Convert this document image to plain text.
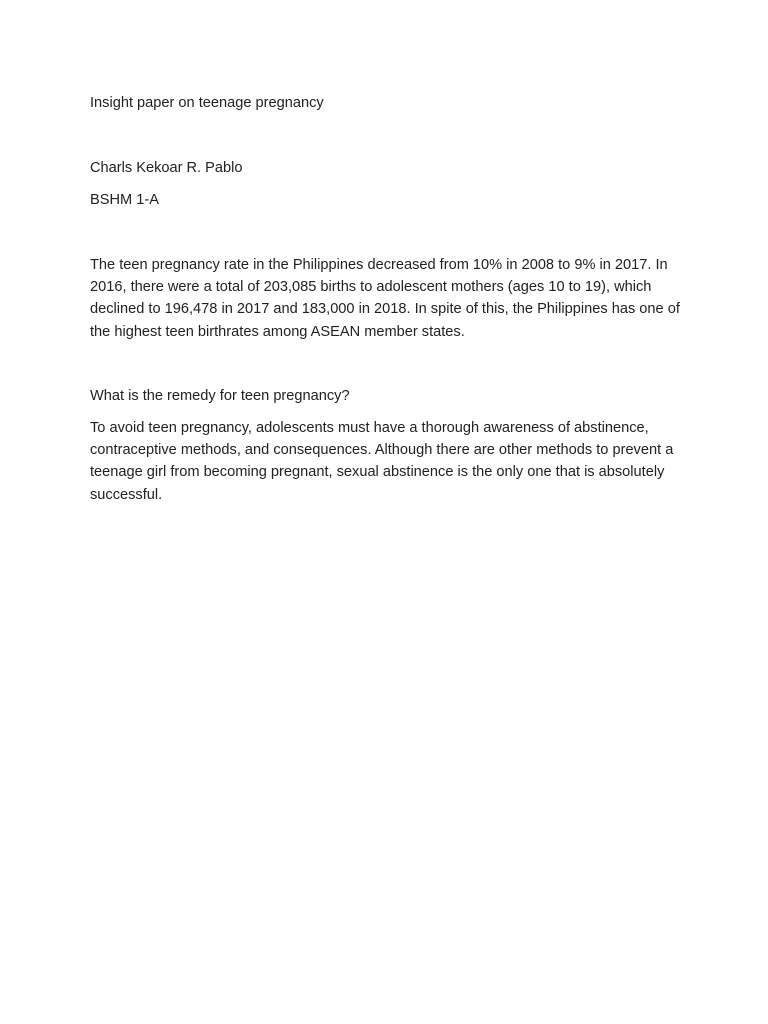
Insight paper on teenage pregnancy

Charls Kekoar R. Pablo

BSHM 1-A

The teen pregnancy rate in the Philippines decreased from 10% in 2008 to 9% in 2017. In 2016, there were a total of 203,085 births to adolescent mothers (ages 10 to 19), which declined to 196,478 in 2017 and 183,000 in 2018. In spite of this, the Philippines has one of the highest teen birthrates among ASEAN member states.

What is the remedy for teen pregnancy?

To avoid teen pregnancy, adolescents must have a thorough awareness of abstinence, contraceptive methods, and consequences. Although there are other methods to prevent a teenage girl from becoming pregnant, sexual abstinence is the only one that is absolutely successful.
